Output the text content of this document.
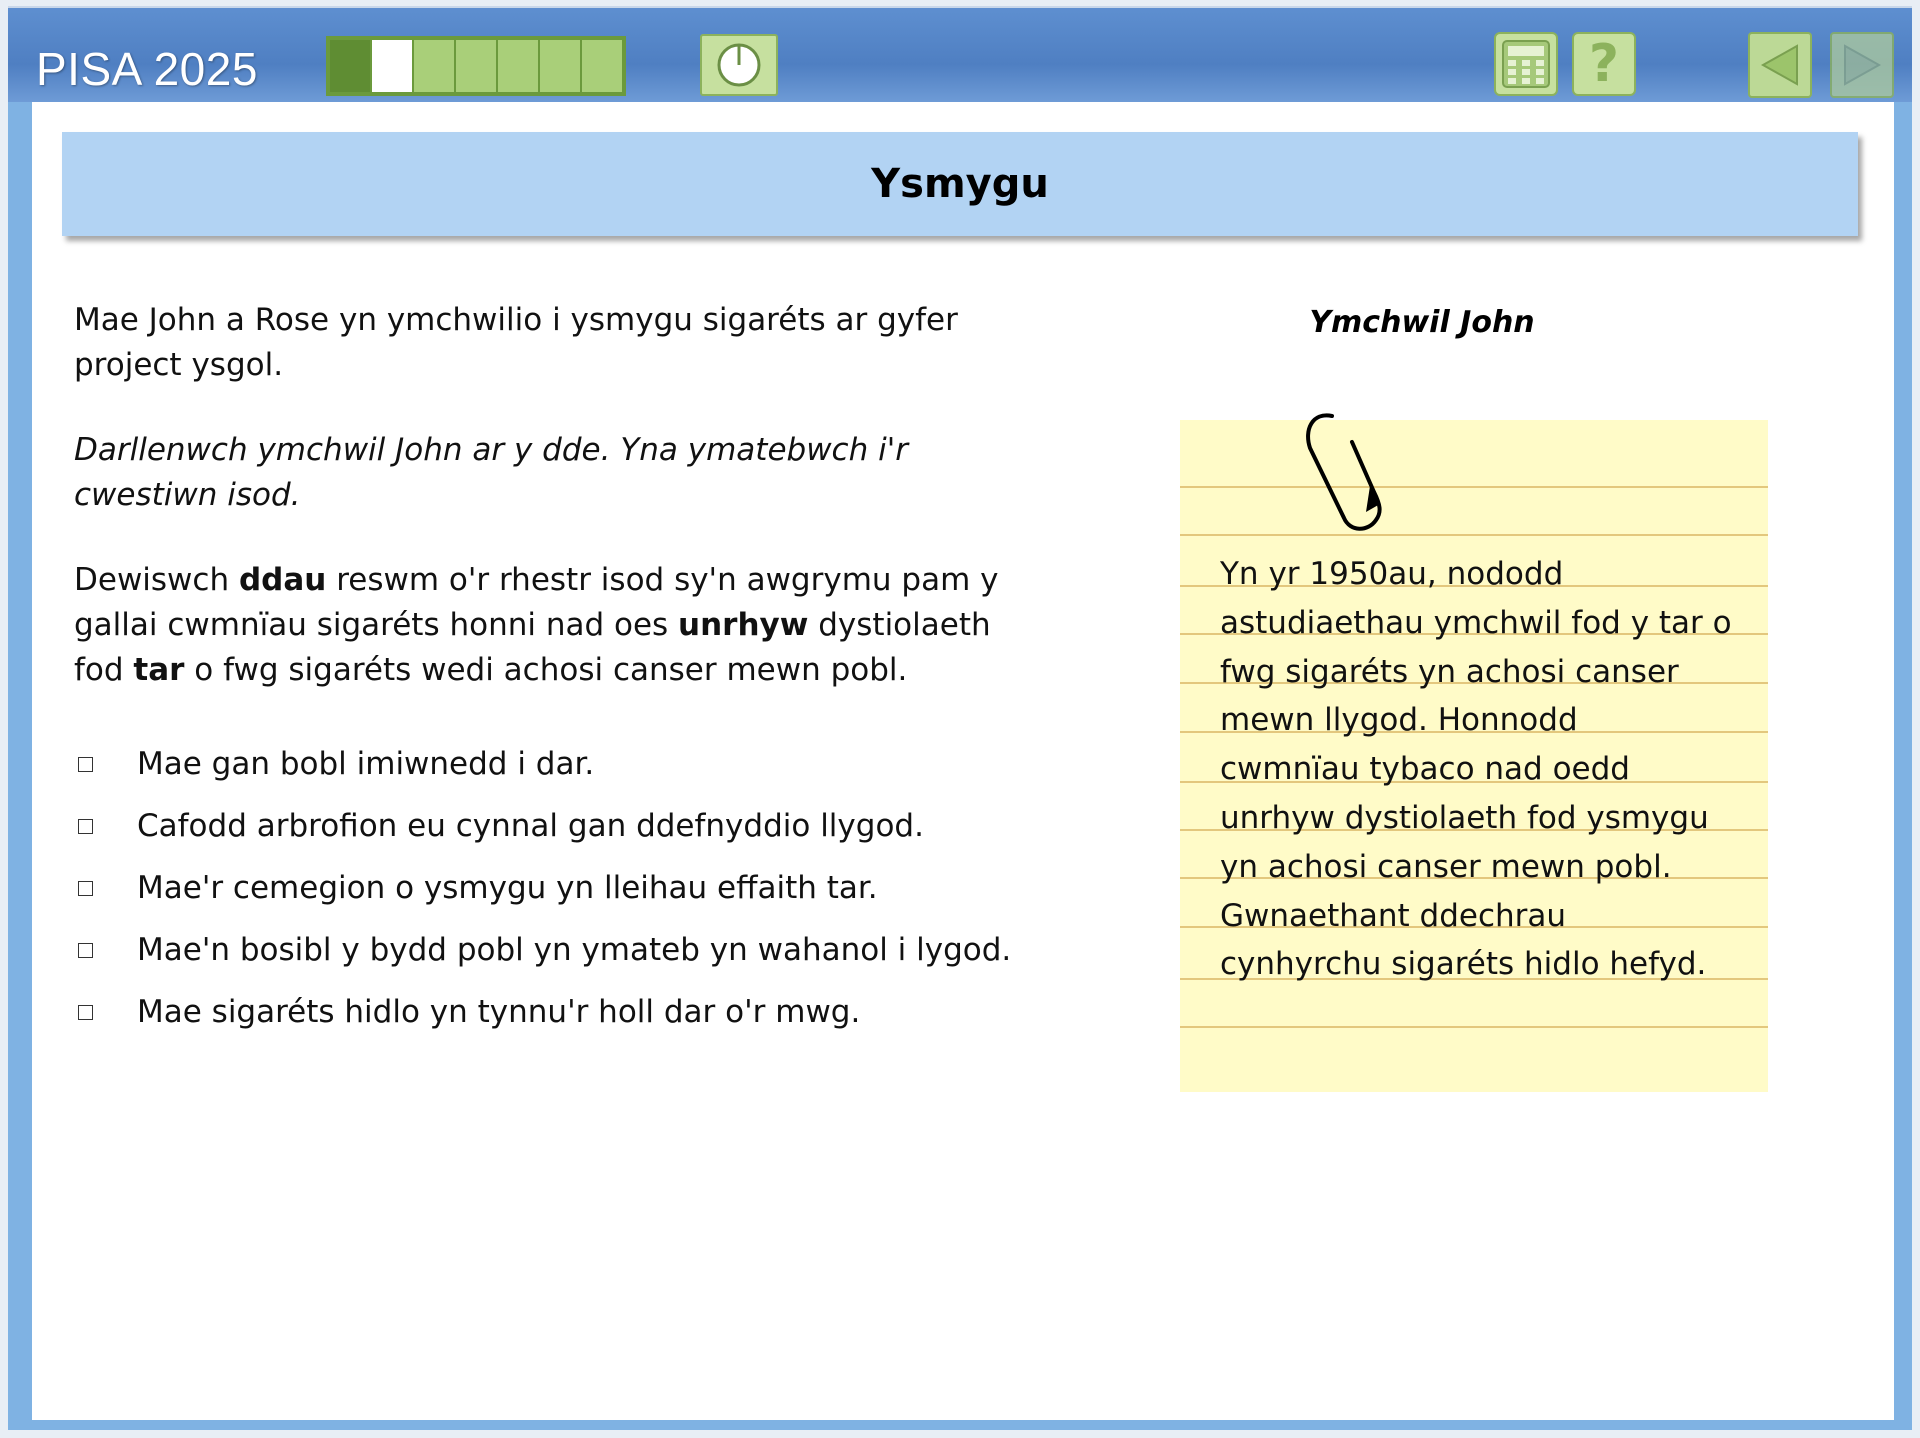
PISA 2025	?
Ysmygu

Mae John a Rose yn ymchwilio i ysmygu sigaréts ar gyfer project ysgol.

Darllenwch ymchwil John ar y dde. Yna ymatebwch i'r cwestiwn isod.

Dewiswch ddau reswm o'r rhestr isod sy'n awgrymu pam y gallai cwmnïau sigaréts honni nad oes unrhyw dystiolaeth fod tar o fwg sigaréts wedi achosi canser mewn pobl.

Mae gan bobl imiwnedd i dar.
Cafodd arbrofion eu cynnal gan ddefnyddio llygod.
Mae'r cemegion o ysmygu yn lleihau effaith tar.
Mae'n bosibl y bydd pobl yn ymateb yn wahanol i lygod.
Mae sigaréts hidlo yn tynnu'r holl dar o'r mwg.
Ymchwil John
Yn yr 1950au, nododd
astudiaethau ymchwil fod y tar o
fwg sigaréts yn achosi canser
mewn llygod. Honnodd
cwmnïau tybaco nad oedd
unrhyw dystiolaeth fod ysmygu
yn achosi canser mewn pobl.
Gwnaethant ddechrau
cynhyrchu sigaréts hidlo hefyd.
